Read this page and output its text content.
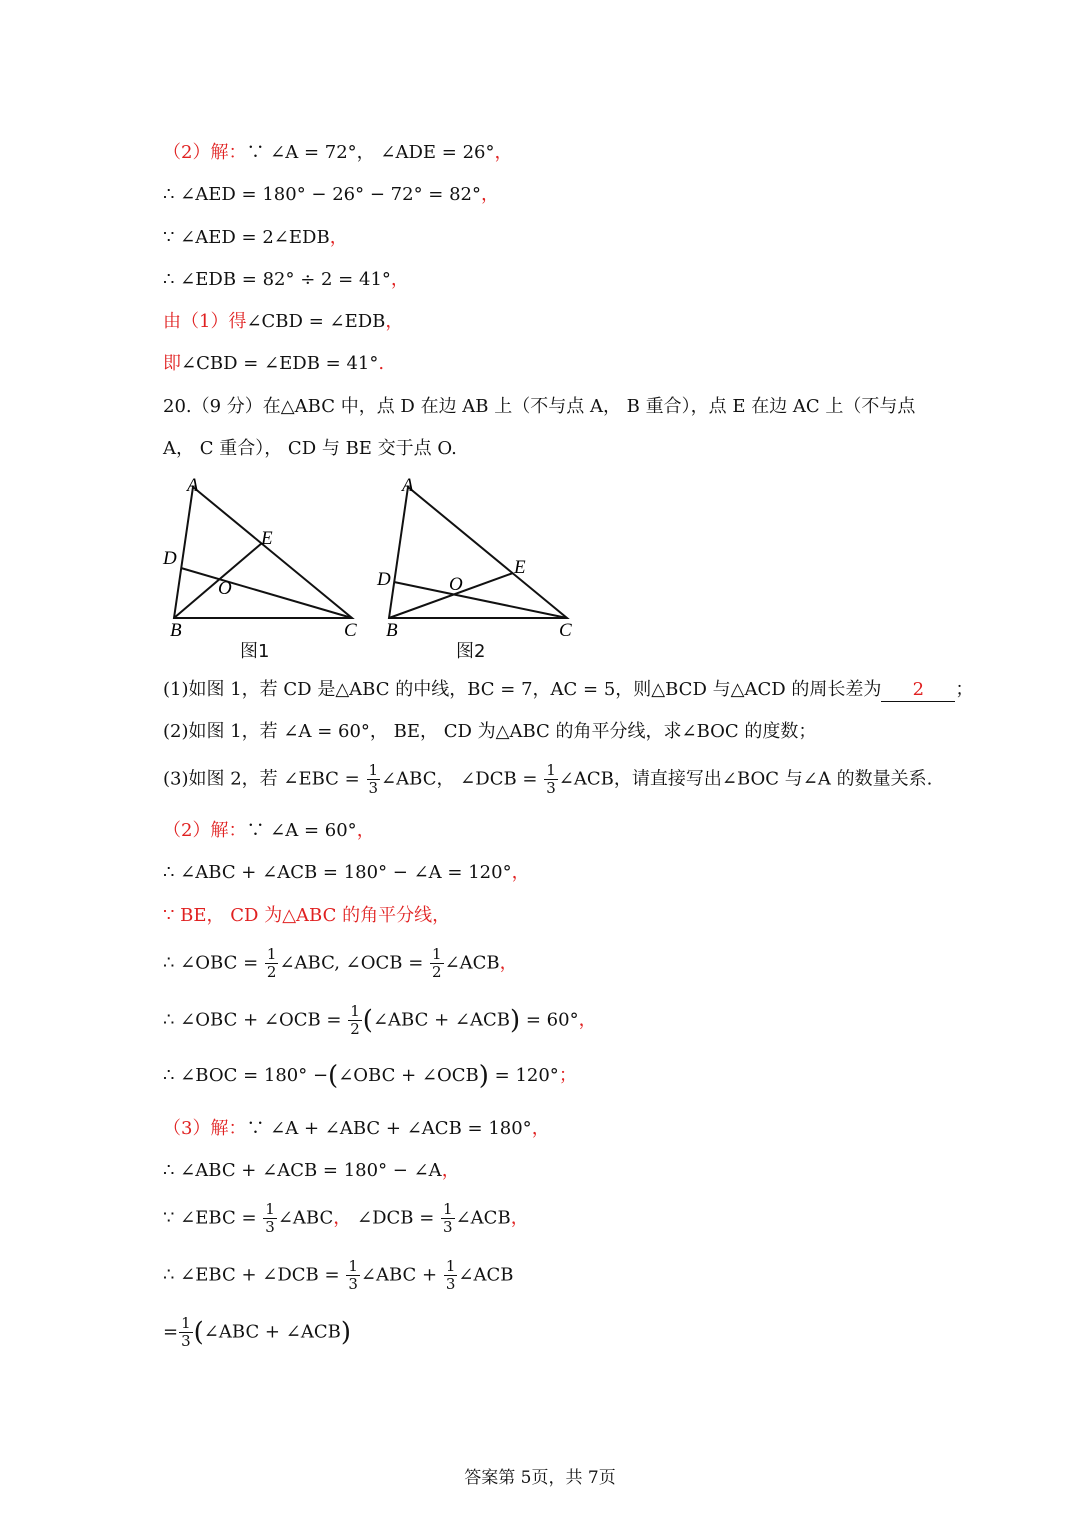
（2）解：∵ ∠A = 72°， ∠ADE = 26°，
∴ ∠AED = 180° − 26° − 72° = 82°，
∵ ∠AED = 2∠EDB，
∴ ∠EDB = 82° ÷ 2 = 41°，
由（1）得∠CBD = ∠EDB，
即∠CBD = ∠EDB = 41°.
20.（9 分）在△ABC 中，点 D 在边 AB 上（不与点 A， B 重合），点 E 在边 AC 上（不与点
A， C 重合）， CD 与 BE 交于点 O.
A
D
E
O
B	C
A
D	O
E
B	C
图1	图2
(1)如图 1，若 CD 是△ABC 的中线，BC = 7，AC = 5，则△BCD 与△ACD 的周长差为 2 ；
(2)如图 1，若 ∠A = 60°， BE， CD 为△ABC 的角平分线，求∠BOC 的度数；
(3)如图 2，若 ∠EBC = $\frac{1}{3}$ ∠ABC， ∠DCB = $\frac{1}{3}$ ∠ACB，请直接写出∠BOC 与∠A 的数量关系.
（2）解：∵ ∠A = 60°，
∴ ∠ABC + ∠ACB = 180° − ∠A = 120°，
∵ BE， CD 为△ABC 的角平分线，
∴ ∠OBC = $\frac{1}{2}$ ∠ABC, ∠OCB = $\frac{1}{2}$ ∠ACB，
∴ ∠OBC + ∠OCB = $\frac{1}{2}$ (∠ABC + ∠ACB) = 60°，
∴ ∠BOC = 180° −(∠OBC + ∠OCB) = 120°；
（3）解：∵ ∠A + ∠ABC + ∠ACB = 180°，
∴ ∠ABC + ∠ACB = 180° − ∠A，
∵ ∠EBC = $\frac{1}{3}$ ∠ABC， ∠DCB = $\frac{1}{3}$ ∠ACB，
∴ ∠EBC + ∠DCB = $\frac{1}{3}$ ∠ABC + $\frac{1}{3}$ ∠ACB
= $\frac{1}{3}$ (∠ABC + ∠ACB)
答案第 5页，共 7页
